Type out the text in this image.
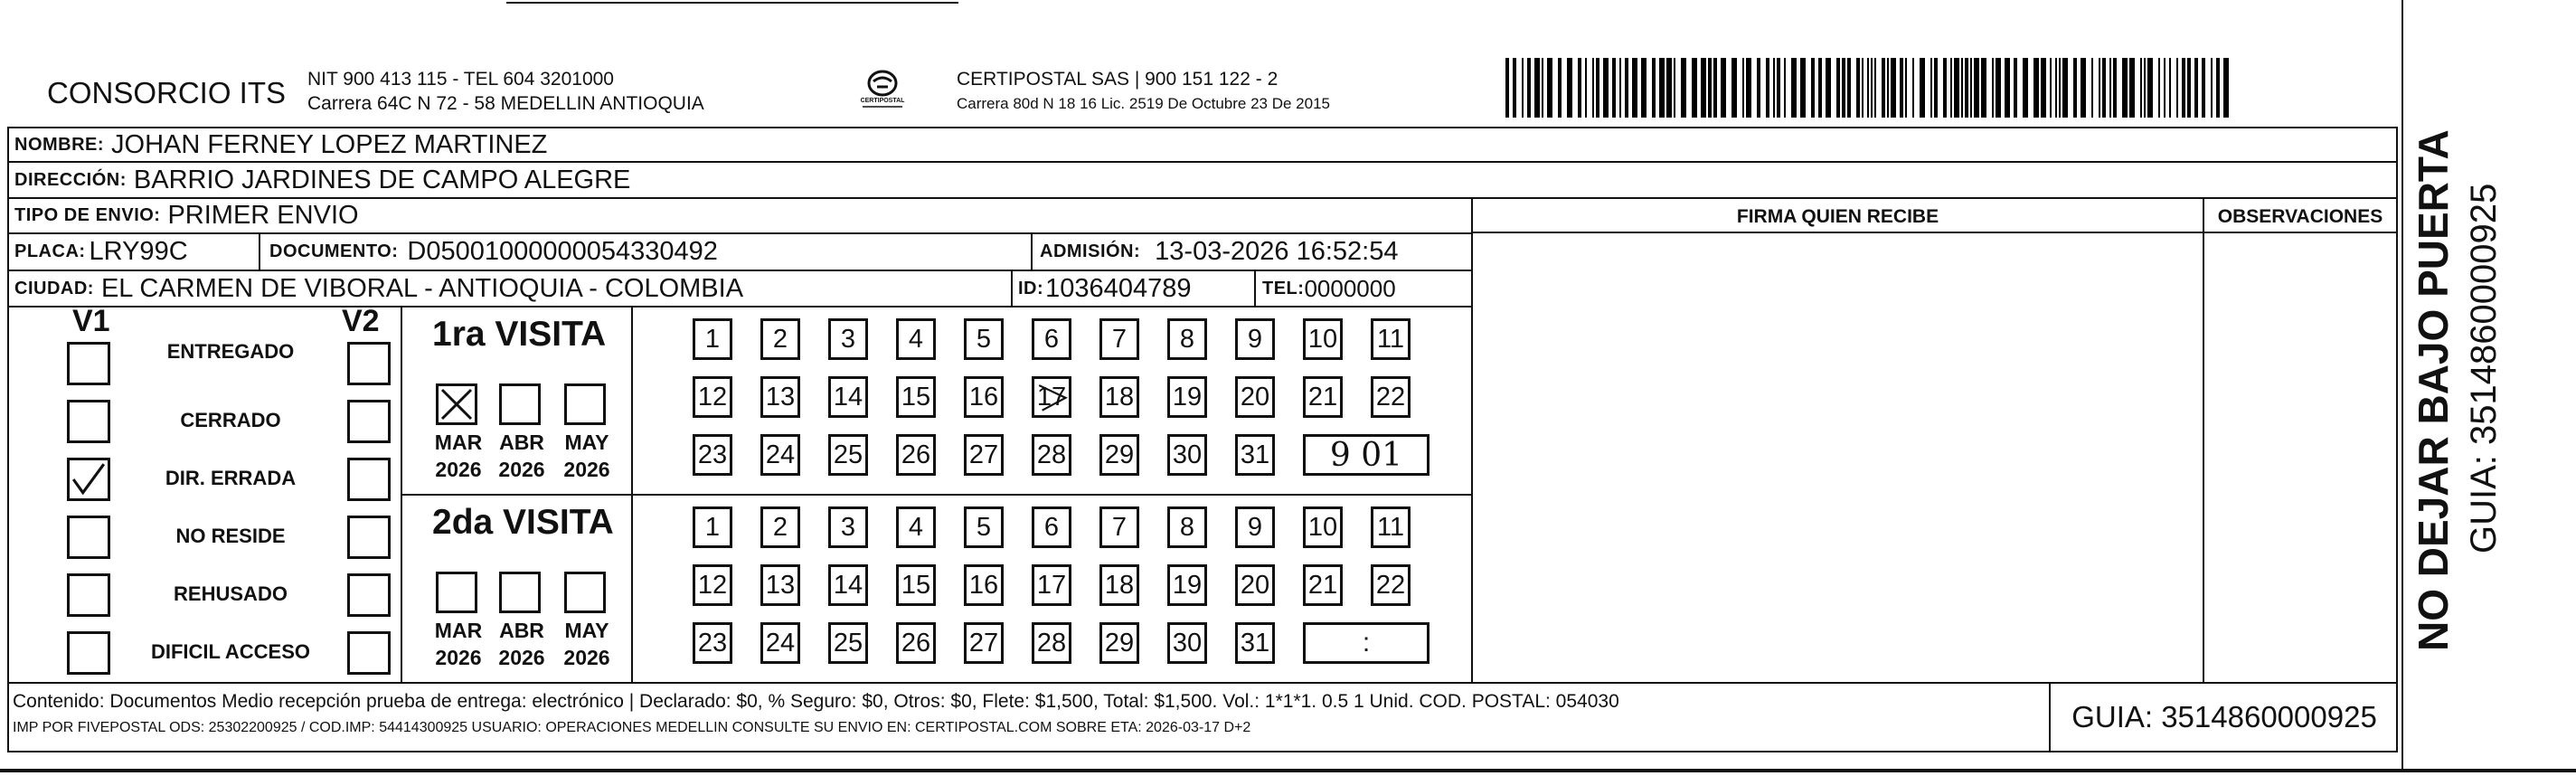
CONSORCIO ITS NIT 900 413 115 - TEL 604 3201000
Carrera 64C N 72 - 58 MEDELLIN ANTIOQUIA	CERTIPOSTAL
CERTIPOSTAL SAS | 900 151 122 - 2
Carrera 80d N 18 16 Lic. 2519 De Octubre 23 De 2015
NOMBRE: JOHAN FERNEY LOPEZ MARTINEZ
DIRECCIÓN: BARRIO JARDINES DE CAMPO ALEGRE
TIPO DE ENVIO: PRIMER ENVIO
PLACA: LRY99C	DOCUMENTO: D05001000000054330492	ADMISIÓN: 13-03-2026 16:52:54
CIUDAD: EL CARMEN DE VIBORAL - ANTIOQUIA - COLOMBIA	ID: 1036404789	TEL: 0000000
FIRMA QUIEN RECIBE	OBSERVACIONES
V1	V2
ENTREGADO
CERRADO
DIR. ERRADA
NO RESIDE
REHUSADO
DIFICIL ACCESO
1ra VISITA
MAR
2026
ABR
2026
MAY
2026
1 2 3 4 5 6 7 8 9 10 11
12 13 14 15 16 17 18 19 20 21 22
23 24 25 26 27 28 29 30 31 9 01
2da VISITA
MAR
2026
ABR
2026
MAY
2026
1 2 3 4 5 6 7 8 9 10 11
12 13 14 15 16 17 18 19 20 21 22
23 24 25 26 27 28 29 30 31	:
Contenido: Documentos Medio recepción prueba de entrega: electrónico | Declarado: $0, % Seguro: $0, Otros: $0, Flete: $1,500, Total: $1,500. Vol.: 1*1*1. 0.5 1 Unid. COD. POSTAL: 054030
IMP POR FIVEPOSTAL ODS: 25302200925 / COD.IMP: 54414300925 USUARIO: OPERACIONES MEDELLIN CONSULTE SU ENVIO EN: CERTIPOSTAL.COM SOBRE ETA: 2026-03-17 D+2	GUIA: 3514860000925
NO DEJAR BAJO PUERTA GUIA: 3514860000925
